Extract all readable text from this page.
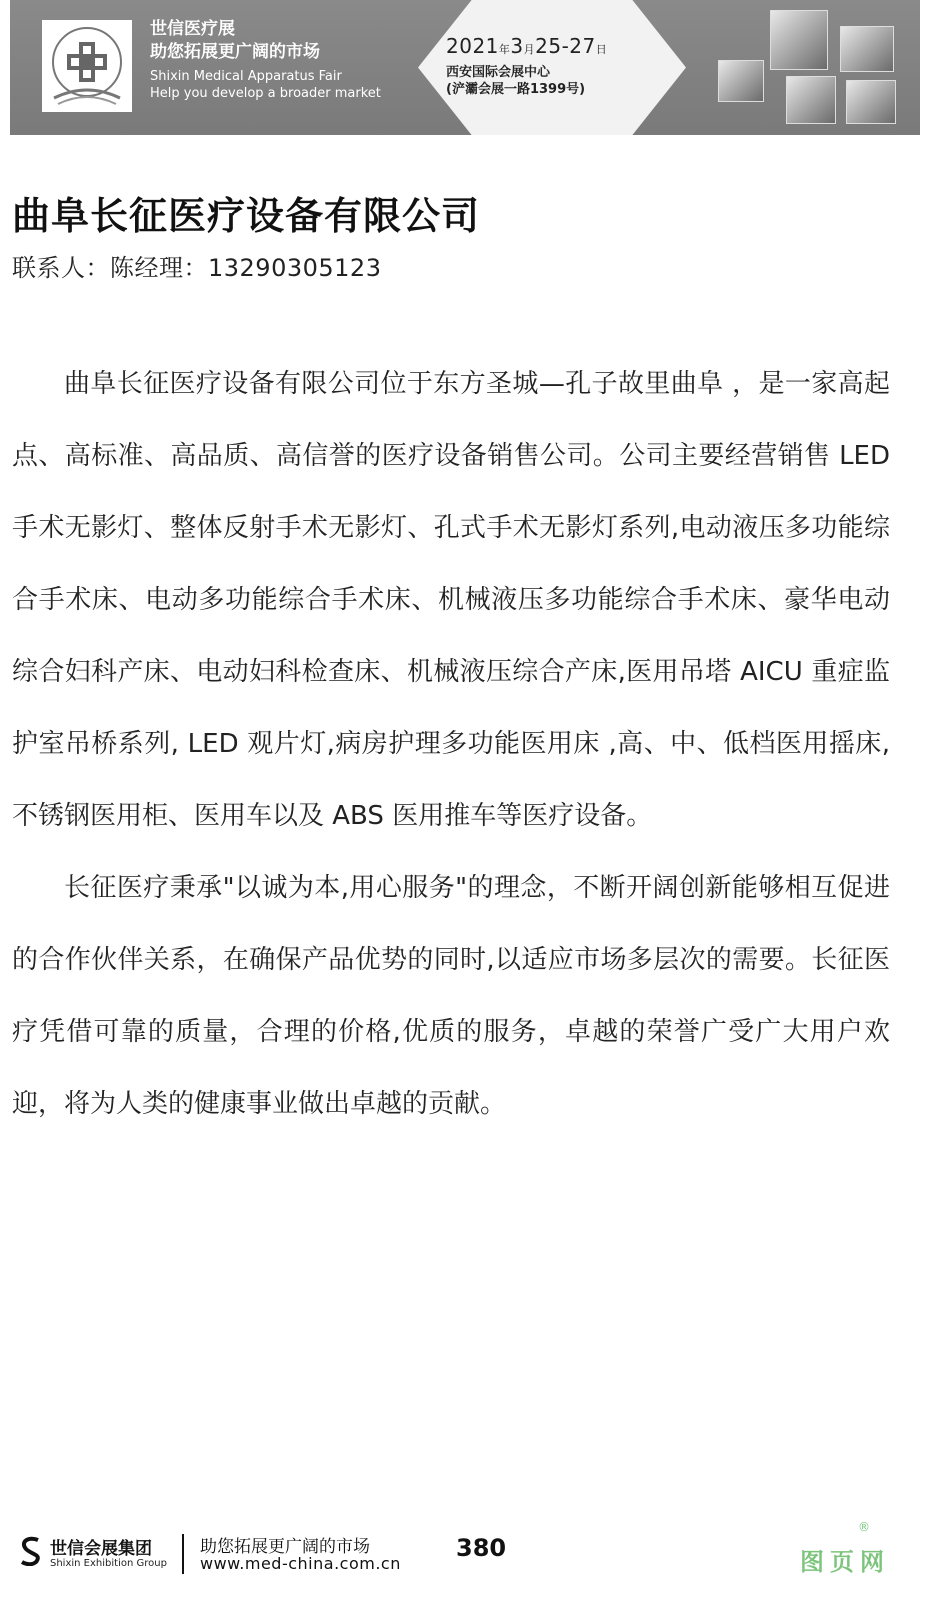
世信医疗展
助您拓展更广阔的市场
Shixin Medical Apparatus Fair
Help you develop a broader market
2021年3月25-27日
西安国际会展中心
(浐灞会展一路1399号)
曲阜长征医疗设备有限公司
联系人：陈经理：13290305123

曲阜长征医疗设备有限公司位于东方圣城—孔子故里曲阜 ，是一家高起点、高标准、高品质、高信誉的医疗设备销售公司。公司主要经营销售 LED 手术无影灯、整体反射手术无影灯、孔式手术无影灯系列,电动液压多功能综合手术床、电动多功能综合手术床、机械液压多功能综合手术床、豪华电动综合妇科产床、电动妇科检查床、机械液压综合产床,医用吊塔 AICU 重症监护室吊桥系列, LED 观片灯,病房护理多功能医用床 ,高、中、低档医用摇床,不锈钢医用柜、医用车以及 ABS 医用推车等医疗设备。

长征医疗秉承"以诚为本,用心服务"的理念，不断开阔创新能够相互促进的合作伙伴关系，在确保产品优势的同时,以适应市场多层次的需要。长征医疗凭借可靠的质量，合理的价格,优质的服务，卓越的荣誉广受广大用户欢迎，将为人类的健康事业做出卓越的贡献。

世信会展集团
Shixin Exhibition Group
助您拓展更广阔的市场
www.med-china.com.cn
380	图页网
®
